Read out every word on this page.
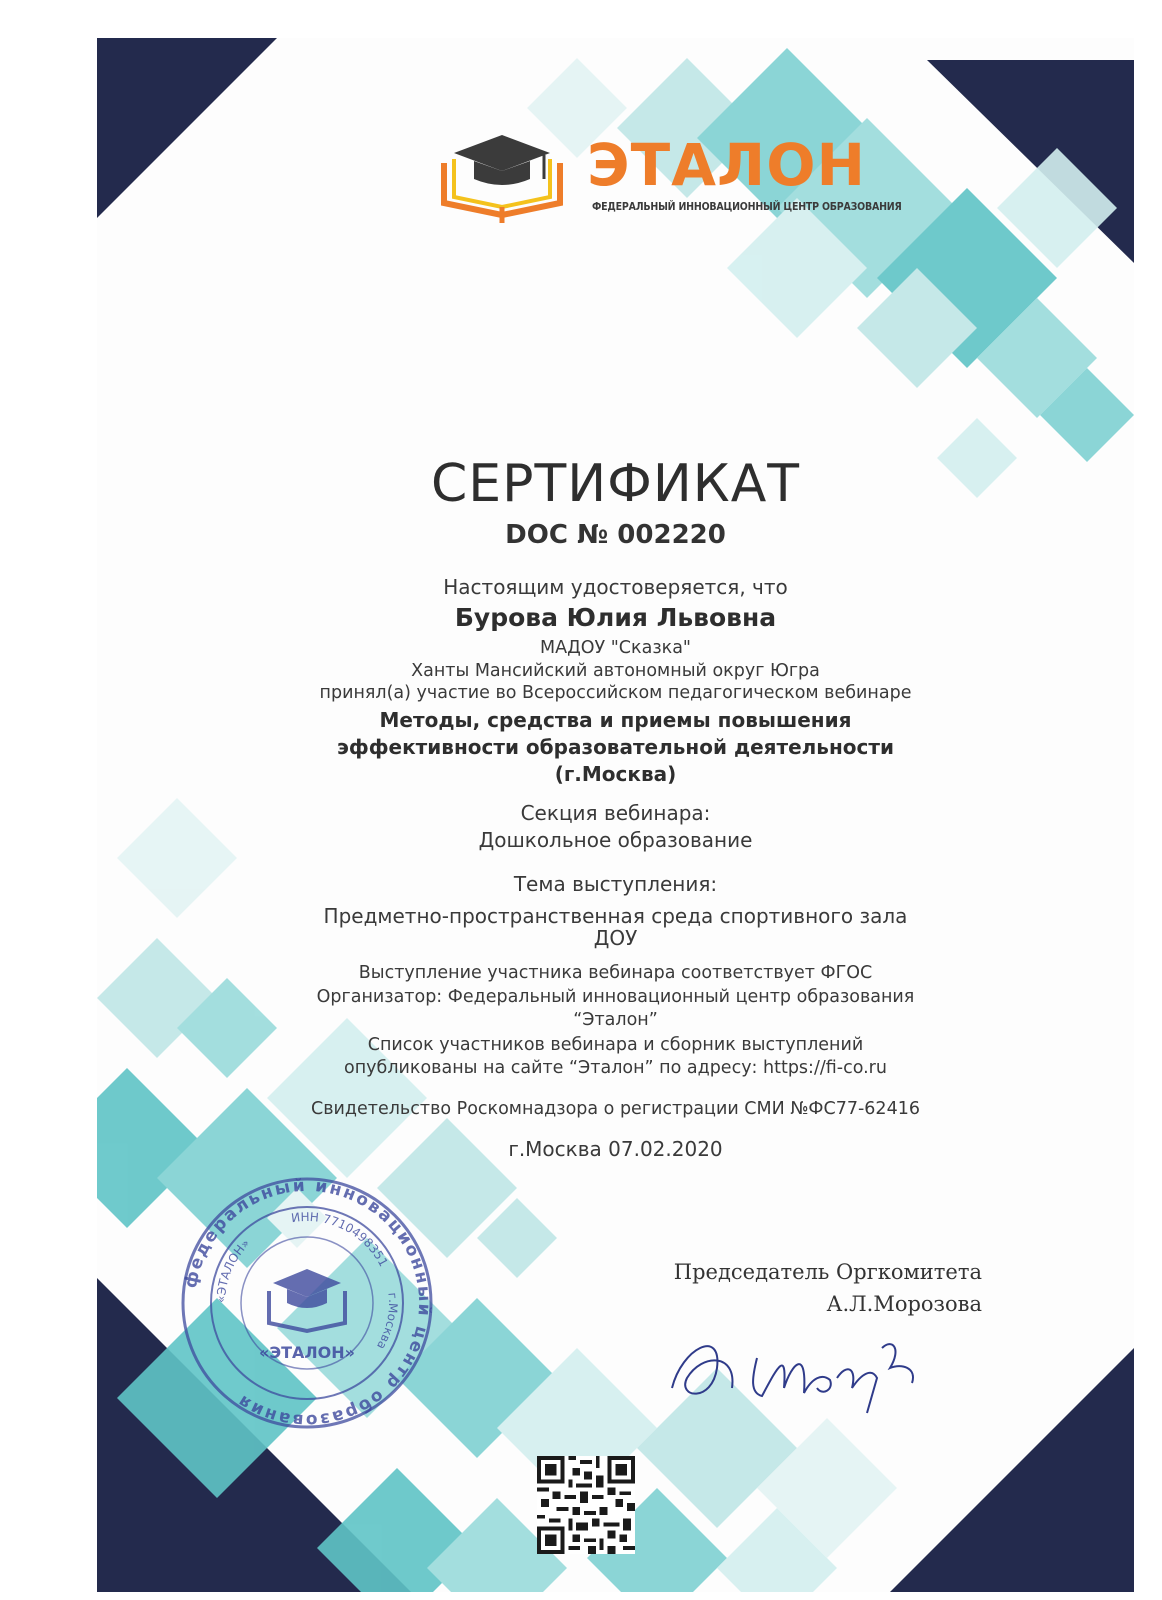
ЭТАЛОН
ФЕДЕРАЛЬНЫЙ ИННОВАЦИОННЫЙ ЦЕНТР ОБРАЗОВАНИЯ
СЕРТИФИКАТ
DOC № 002220
Настоящим удостоверяется, что
Бурова Юлия Львовна
МАДОУ "Сказка"
Ханты Мансийский автономный округ Югра
принял(а) участие во Всероссийском педагогическом вебинаре
Методы, средства и приемы повышения
эффективности образовательной деятельности
(г.Москва)
Секция вебинара:
Дошкольное образование
Тема выступления:
Предметно-пространственная среда спортивного зала
ДОУ
Выступление участника вебинара соответствует ФГОС
Организатор: Федеральный инновационный центр образования
“Эталон”
Список участников вебинара и сборник выступлений
опубликованы на сайте “Эталон” по адресу: https://fi-co.ru
Свидетельство Роскомнадзора о регистрации СМИ №ФС77-62416
г.Москва 07.02.2020
федеральный инновационный центр образования
ИНН 7710498351
г.Москва
«ЭТАЛОН»
«ЭТАЛОН»
Председатель Оргкомитета
А.Л.Морозова
